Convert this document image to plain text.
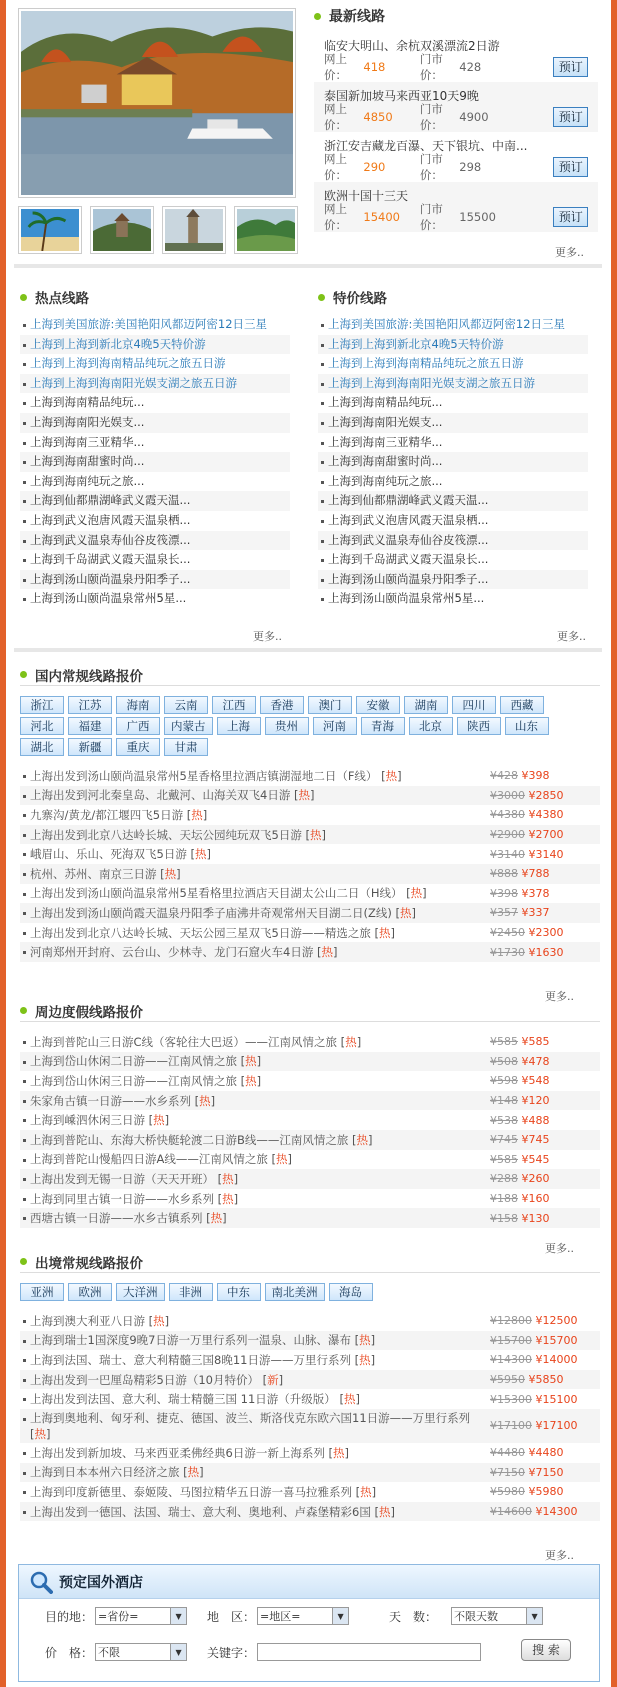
最新线路
临安大明山、余杭双溪漂流2日游
网上价：
418
门市价：
428	预订
泰国新加坡马来西亚10天9晚
网上价：
4850
门市价：
4900	预订
浙江安吉藏龙百瀑、天下银坑、中南...
网上价：
290
门市价：
298	预订
欧洲十国十三天
网上价：
15400
门市价：
15500	预订
更多..
热点线路
上海到美国旅游:美国艳阳风都迈阿密12日三星
上海到上海到新北京4晚5天特价游
上海到上海到海南精品纯玩之旅五日游
上海到上海到海南阳光娱支湖之旅五日游
上海到海南精品纯玩...
上海到海南阳光娱支...
上海到海南三亚精华...
上海到海南甜蜜时尚...
上海到海南纯玩之旅...
上海到仙都鼎湖峰武义霞天温...
上海到武义泡唐风霞天温泉栖...
上海到武义温泉寿仙谷皮筏漂...
上海到千岛湖武义霞天温泉长...
上海到汤山颐尚温泉丹阳季子...
上海到汤山颐尚温泉常州5星...
更多..
特价线路
上海到美国旅游:美国艳阳风都迈阿密12日三星
上海到上海到新北京4晚5天特价游
上海到上海到海南精品纯玩之旅五日游
上海到上海到海南阳光娱支湖之旅五日游
上海到海南精品纯玩...
上海到海南阳光娱支...
上海到海南三亚精华...
上海到海南甜蜜时尚...
上海到海南纯玩之旅...
上海到仙都鼎湖峰武义霞天温...
上海到武义泡唐风霞天温泉栖...
上海到武义温泉寿仙谷皮筏漂...
上海到千岛湖武义霞天温泉长...
上海到汤山颐尚温泉丹阳季子...
上海到汤山颐尚温泉常州5星...
更多..
国内常规线路报价
浙江	江苏	海南	云南	江西	香港	澳门	安徽	湖南	四川	西藏
河北	福建	广西	内蒙古	上海	贵州	河南	青海	北京	陕西	山东
湖北	新疆	重庆	甘肃
上海出发到汤山颐尚温泉常州5星香格里拉酒店镇湖湿地二日（F线） [热]	¥428 ¥398
上海出发到河北秦皇岛、北戴河、山海关双飞4日游 [热]	¥3000 ¥2850
九寨沟/黄龙/都江堰四飞5日游 [热]	¥4380 ¥4380
上海出发到北京八达岭长城、天坛公园纯玩双飞5日游 [热]	¥2900 ¥2700
峨眉山、乐山、死海双飞5日游 [热]	¥3140 ¥3140
杭州、苏州、南京三日游 [热]	¥888 ¥788
上海出发到汤山颐尚温泉常州5星看格里拉酒店天目湖太公山二日（H线） [热]	¥398 ¥378
上海出发到汤山颐尚霞天温泉丹阳季子庙沸井奇观常州天目湖二日(Z线) [热]	¥357 ¥337
上海出发到北京八达岭长城、天坛公园三星双飞5日游——精选之旅 [热]	¥2450 ¥2300
河南郑州开封府、云台山、少林寺、龙门石窟火车4日游 [热]	¥1730 ¥1630
更多..
周边度假线路报价
上海到普陀山三日游C线（客轮往大巴返）——江南风情之旅 [热]	¥585 ¥585
上海到岱山休闲二日游——江南风情之旅 [热]	¥508 ¥478
上海到岱山休闲三日游——江南风情之旅 [热]	¥598 ¥548
朱家角古镇一日游——水乡系列 [热]	¥148 ¥120
上海到嵊泗休闲三日游 [热]	¥538 ¥488
上海到普陀山、东海大桥快艇轮渡二日游B线——江南风情之旅 [热]	¥745 ¥745
上海到普陀山慢船四日游A线——江南风情之旅 [热]	¥585 ¥545
上海出发到无锡一日游（天天开班） [热]	¥288 ¥260
上海到同里古镇一日游——水乡系列 [热]	¥188 ¥160
西塘古镇一日游——水乡古镇系列 [热]	¥158 ¥130
更多..
出境常规线路报价
亚洲	欧洲	大洋洲	非洲	中东	南北美洲	海岛
上海到澳大利亚八日游 [热]	¥12800 ¥12500
上海到瑞士1国深度9晚7日游一万里行系列一温泉、山脉、瀑布 [热]	¥15700 ¥15700
上海到法国、瑞士、意大利精髓三国8晚11日游——万里行系列 [热]	¥14300 ¥14000
上海出发到一巴厘岛精彩5日游（10月特价） [新]	¥5950 ¥5850
上海出发到法国、意大利、瑞士精髓三国 11日游（升级版） [热]	¥15300 ¥15100
上海到奥地利、匈牙利、捷克、德国、波兰、斯洛伐克东欧六国11日游——万里行系列 [热]
¥17100 ¥17100
上海出发到新加坡、马来西亚柔佛经典6日游一新上海系列 [热]	¥4480 ¥4480
上海到日本本州六日经济之旅 [热]	¥7150 ¥7150
上海到印度新德里、泰姬陵、马图拉精华五日游一喜马拉雅系列 [热]	¥5980 ¥5980
上海出发到一德国、法国、瑞士、意大利、奥地利、卢森堡精彩6国 [热]	¥14600 ¥14300
更多..
预定国外酒店
目的地： =省份=	▼	地　区： =地区=	▼	天　数： 不限天数	▼
价　格： 不限	▼	关键字：	搜 索
